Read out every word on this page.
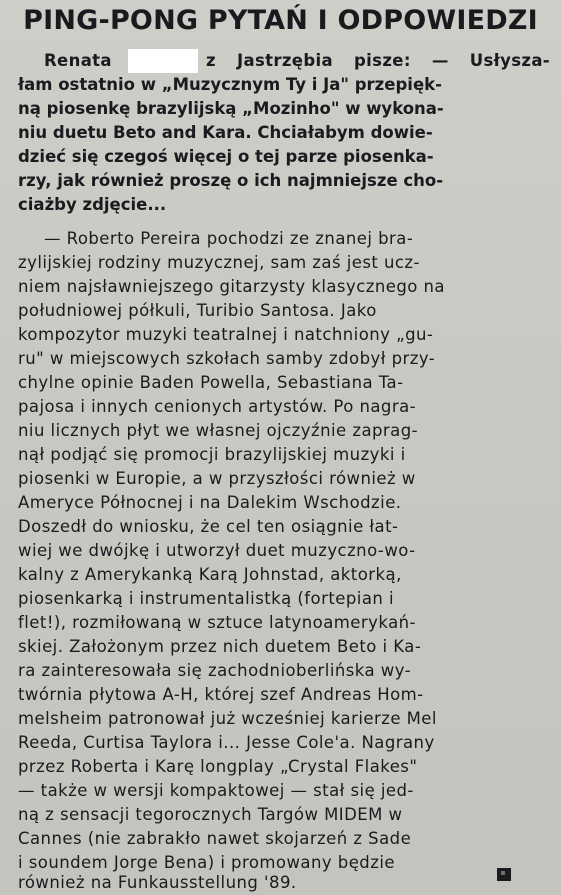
PING-PONG PYTAŃ I ODPOWIEDZI
Renata	z Jastrzębia pisze: — Usłysza-
łam ostatnio w „Muzycznym Ty i Ja" przepięk-
ną piosenkę brazylijską „Mozinho" w wykona-
niu duetu Beto and Kara. Chciałabym dowie-
dzieć się czegoś więcej o tej parze piosenka-
rzy, jak również proszę o ich najmniejsze cho-
ciażby zdjęcie...
— Roberto Pereira pochodzi ze znanej bra-
zylijskiej rodziny muzycznej, sam zaś jest ucz-
niem najsławniejszego gitarzysty klasycznego na
południowej półkuli, Turibio Santosa. Jako
kompozytor muzyki teatralnej i natchniony „gu-
ru" w miejscowych szkołach samby zdobył przy-
chylne opinie Baden Powella, Sebastiana Ta-
pajosa i innych cenionych artystów. Po nagra-
niu licznych płyt we własnej ojczyźnie zaprag-
nął podjąć się promocji brazylijskiej muzyki i
piosenki w Europie, a w przyszłości również w
Ameryce Północnej i na Dalekim Wschodzie.
Doszedł do wniosku, że cel ten osiągnie łat-
wiej we dwójkę i utworzył duet muzyczno-wo-
kalny z Amerykanką Karą Johnstad, aktorką,
piosenkarką i instrumentalistką (fortepian i
flet!), rozmiłowaną w sztuce latynoamerykań-
skiej. Założonym przez nich duetem Beto i Ka-
ra zainteresowała się zachodnioberlińska wy-
twórnia płytowa A-H, której szef Andreas Hom-
melsheim patronował już wcześniej karierze Mel
Reeda, Curtisa Taylora i... Jesse Cole'a. Nagrany
przez Roberta i Karę longplay „Crystal Flakes"
— także w wersji kompaktowej — stał się jed-
ną z sensacji tegorocznych Targów MIDEM w
Cannes (nie zabrakło nawet skojarzeń z Sade
i soundem Jorge Bena) i promowany będzie
również na Funkausstellung '89.
